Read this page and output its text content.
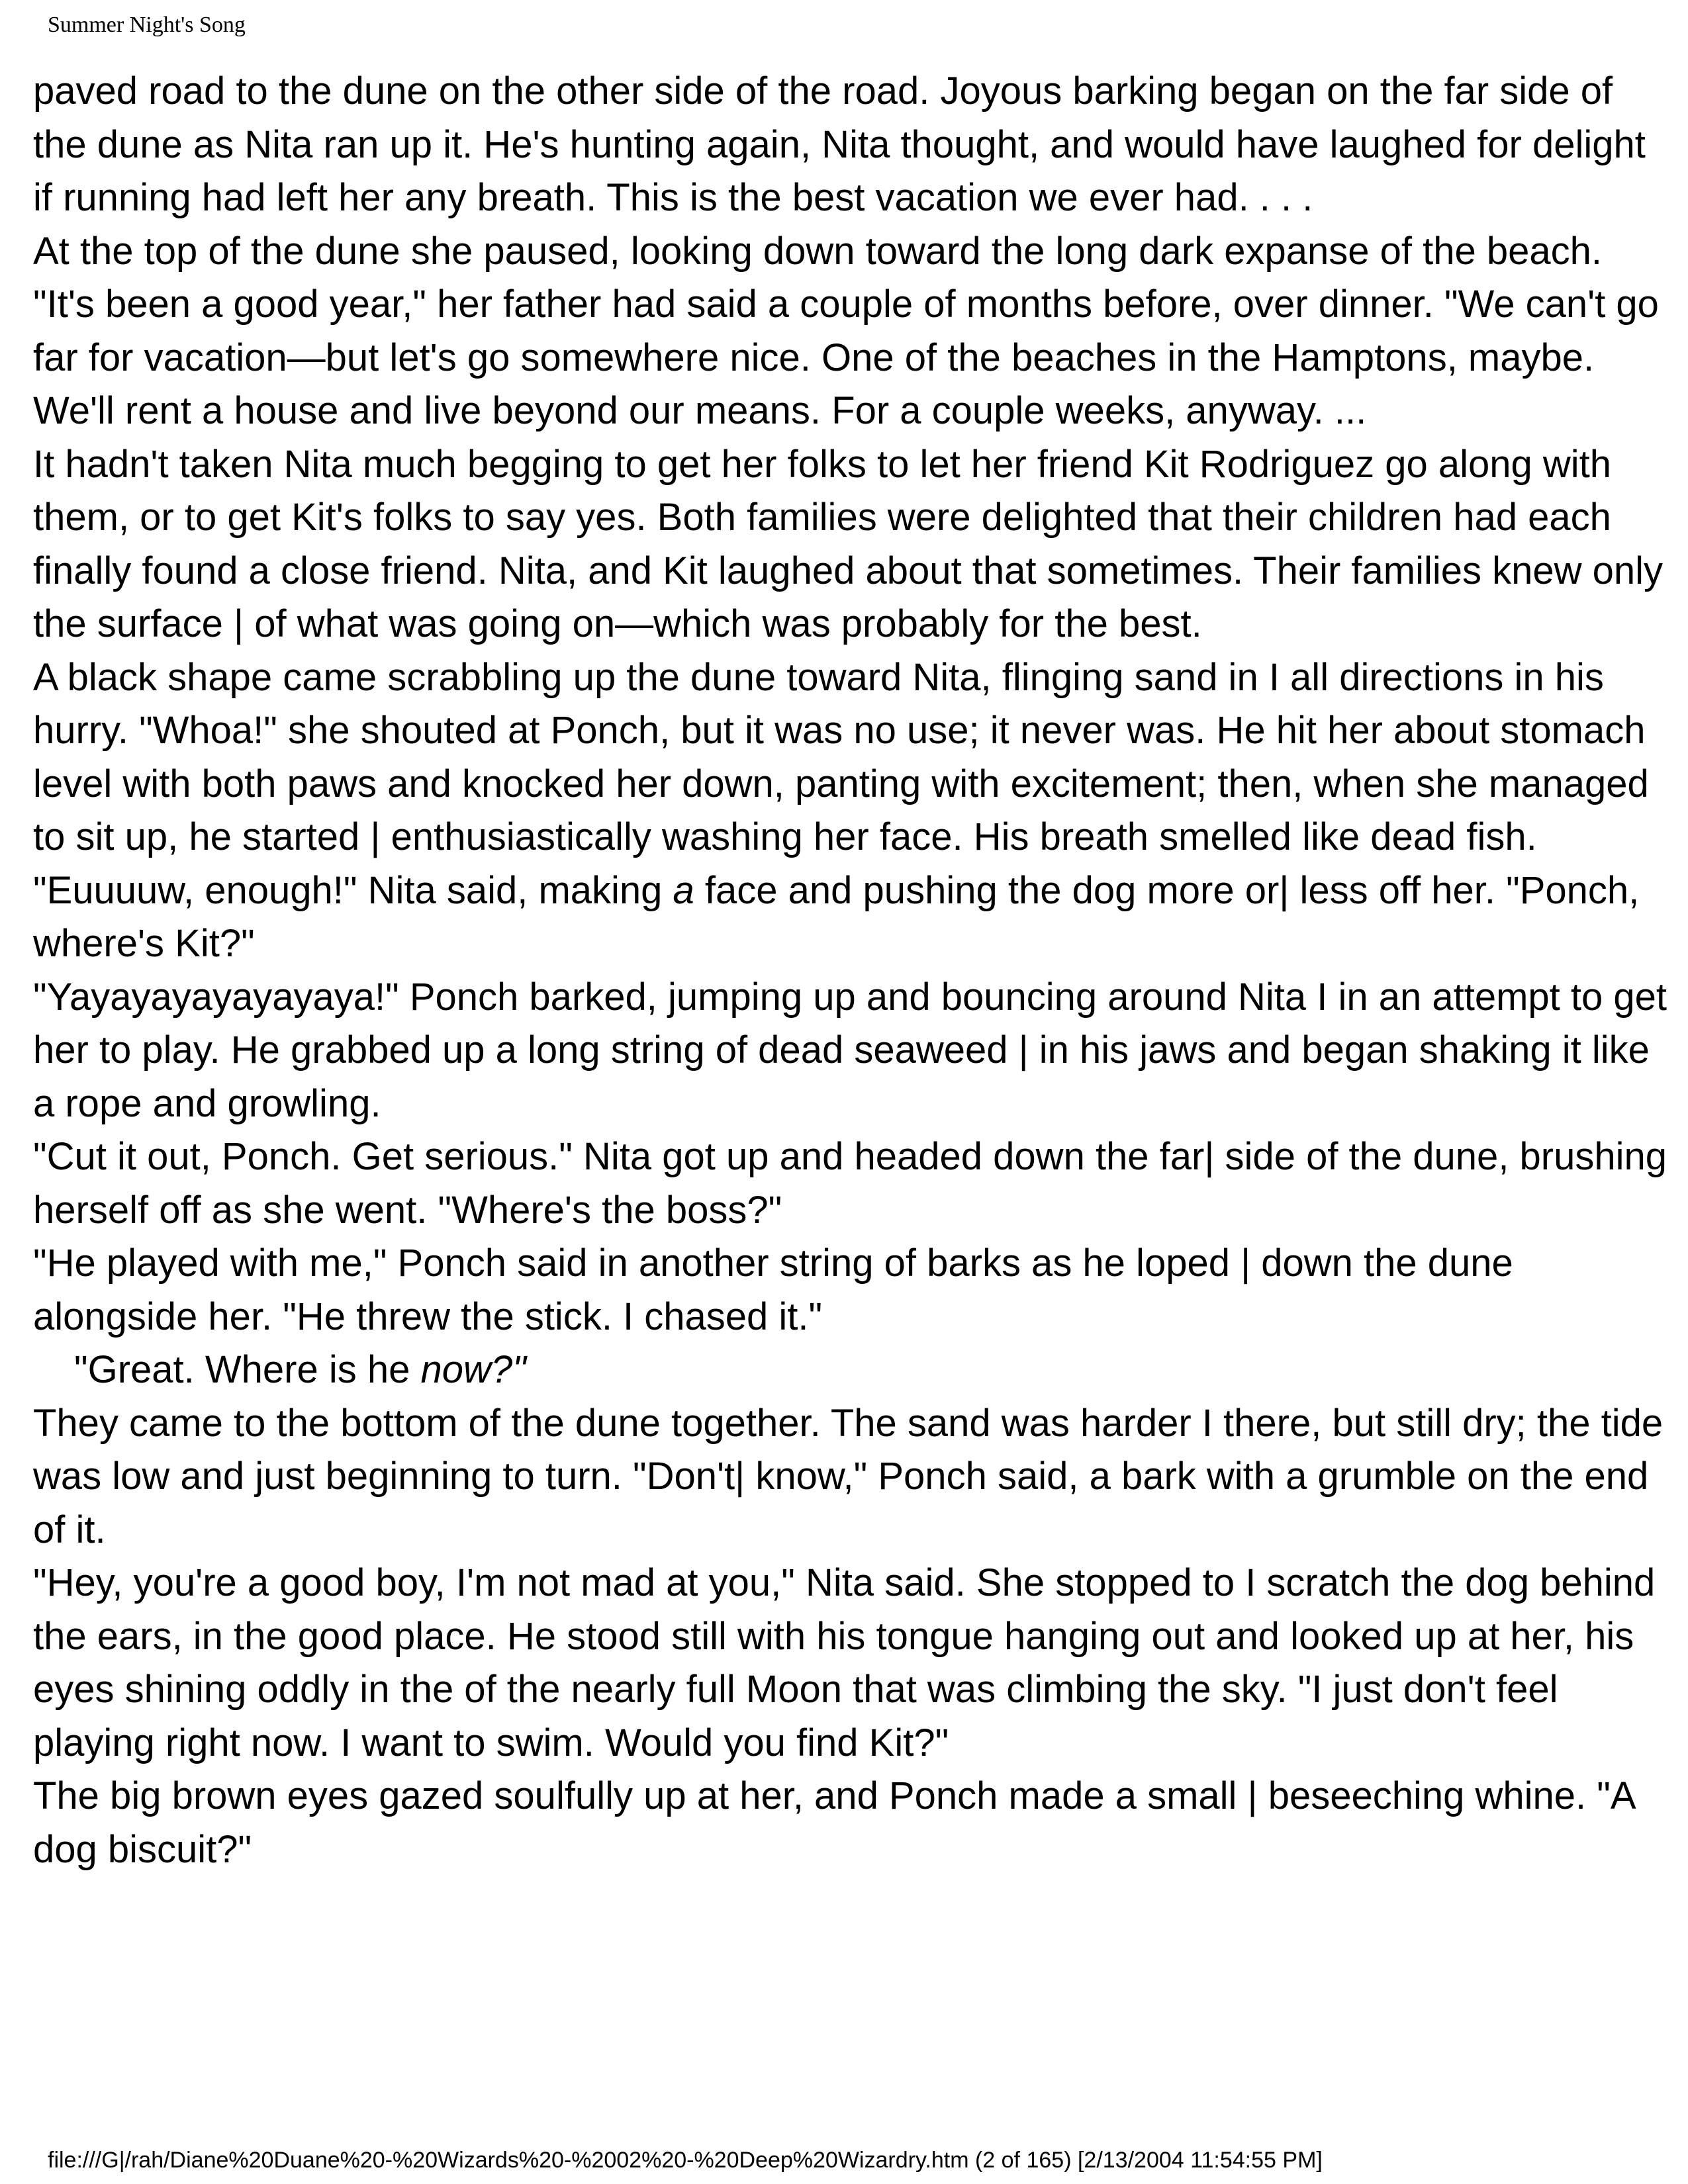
Summer Night's Song

paved road to the dune on the other side of the road. Joyous barking began on the far side of the dune as Nita ran up it. He's hunting again, Nita thought, and would have laughed for delight if running had left her any breath. This is the best vacation we ever had. . . .

At the top of the dune she paused, looking down toward the long dark expanse of the beach. "It's been a good year," her father had said a couple of months before, over dinner. "We can't go far for vacation—but let's go somewhere nice. One of the beaches in the Hamptons, maybe. We'll rent a house and live beyond our means. For a couple weeks, anyway. ...

It hadn't taken Nita much begging to get her folks to let her friend Kit Rodriguez go along with them, or to get Kit's folks to say yes. Both families were delighted that their children had each finally found a close friend. Nita, and Kit laughed about that sometimes. Their families knew only the surface | of what was going on—which was probably for the best.

A black shape came scrabbling up the dune toward Nita, flinging sand in I all directions in his hurry. "Whoa!" she shouted at Ponch, but it was no use; it never was. He hit her about stomach level with both paws and knocked her down, panting with excitement; then, when she managed to sit up, he started | enthusiastically washing her face. His breath smelled like dead fish.

"Euuuuw, enough!" Nita said, making a face and pushing the dog more or| less off her. "Ponch, where's Kit?"

"Yayayayayayayaya!" Ponch barked, jumping up and bouncing around Nita I in an attempt to get her to play. He grabbed up a long string of dead seaweed | in his jaws and began shaking it like a rope and growling.

"Cut it out, Ponch. Get serious." Nita got up and headed down the far| side of the dune, brushing herself off as she went. "Where's the boss?"

"He played with me," Ponch said in another string of barks as he loped | down the dune alongside her. "He threw the stick. I chased it."

"Great. Where is he now?"

They came to the bottom of the dune together. The sand was harder I there, but still dry; the tide was low and just beginning to turn. "Don't| know," Ponch said, a bark with a grumble on the end of it.

"Hey, you're a good boy, I'm not mad at you," Nita said. She stopped to I scratch the dog behind the ears, in the good place. He stood still with his tongue hanging out and looked up at her, his eyes shining oddly in the of the nearly full Moon that was climbing the sky. "I just don't feel playing right now. I want to swim. Would you find Kit?"

The big brown eyes gazed soulfully up at her, and Ponch made a small | beseeching whine. "A dog biscuit?"

file:///G|/rah/Diane%20Duane%20-%20Wizards%20-%2002%20-%20Deep%20Wizardry.htm (2 of 165) [2/13/2004 11:54:55 PM]
